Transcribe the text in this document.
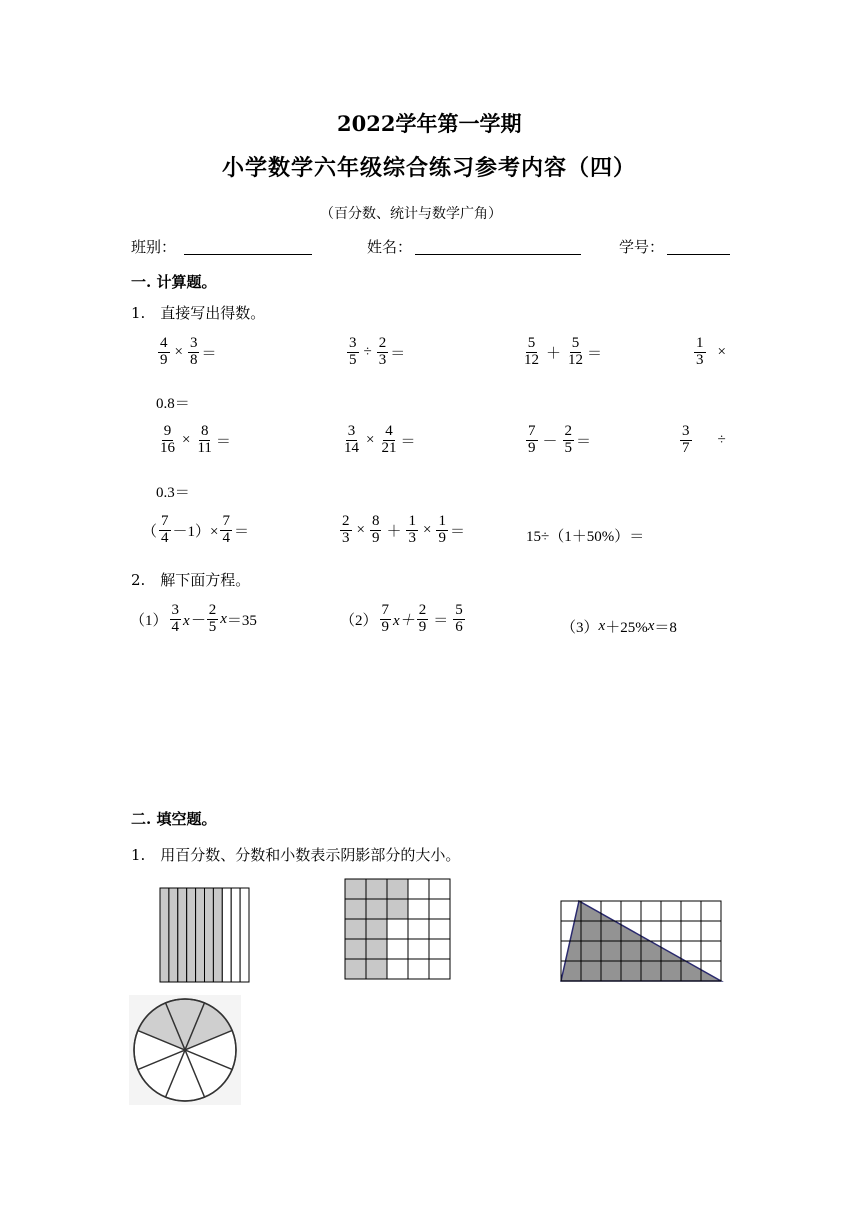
2022学年第一学期
小学数学六年级综合练习参考内容（四）
（百分数、统计与数学广角）
班别：	姓名：	学号：
一. 计算题。
1.　直接写出得数。
$\frac{4}{9} \times \frac{3}{8}$ ＝	$\frac{3}{5} \div \frac{2}{3}$ ＝	$\frac{5}{12} + \frac{5}{12}$ ＝	$\frac{1}{3}$ ×
0.8＝
$\frac{9}{16} \times \frac{8}{11}$ ＝	$\frac{3}{14} \times \frac{4}{21}$ ＝	$\frac{7}{9} - \frac{2}{5}$ ＝	$\frac{3}{7}$ ÷
0.3＝
（ $\frac{7}{4} -1)\times \frac{7}{4}$ ＝	$\frac{2}{3} \times \frac{8}{9} + \frac{1}{3} \times \frac{1}{9}$ ＝	15÷（1＋50%）＝
2.　解下面方程。
$(1) \frac{3}{4} x- \frac{2}{5}$ x ＝35	$(2) \frac{7}{9} x+ \frac{2}{9} = \frac{5}{6}$	（3） x ＋25% x ＝8
二. 填空题。
1.　用百分数、分数和小数表示阴影部分的大小。
